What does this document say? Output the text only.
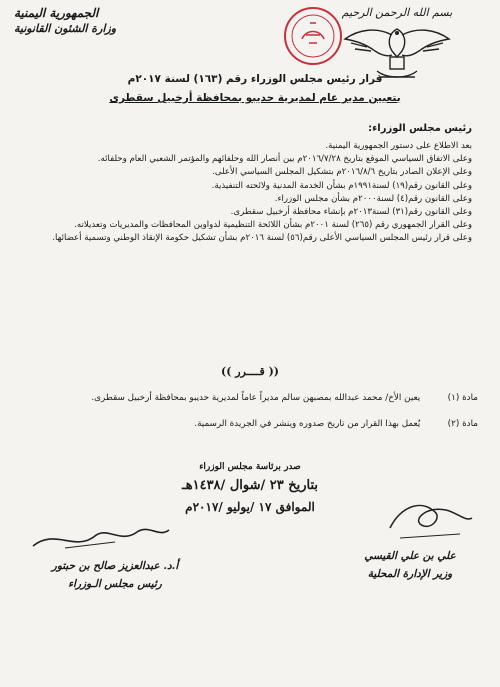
بسم الله الرحمن الرحيم
الجمهورية اليمنية
وزارة الشئون القانونية
قرار رئيس مجلس الوزراء رقم (١٦٣) لسنة ٢٠١٧م
بتعيين مدير عام لمديرية حديبو بمحافظة أرخبيل سقطرى
رئيس مجلس الوزراء:

بعد الاطلاع على دستور الجمهورية اليمنية.

وعلى الاتفاق السياسي الموقع بتاريخ ٢٠١٦/٧/٢٨م بين أنصار الله وحلفائهم والمؤتمر الشعبي العام وحلفائه.

وعلى الإعلان الصادر بتاريخ ٢٠١٦/٨/٦م بتشكيل المجلس السياسي الأعلى.

وعلى القانون رقم(١٩) لسنة١٩٩١م بشأن الخدمة المدنية ولائحته التنفيذية.

وعلى القانون رقم(٤) لسنة٢٠٠٠م بشأن مجلس الوزراء.

وعلى القانون رقم(٣١) لسنة٢٠١٣م بإنشاء محافظة أرخبيل سقطرى.

وعلى القرار الجمهوري رقم (٢٦٥) لسنة ٢٠٠١م بشأن اللائحة التنظيمية لدواوين المحافظات والمديريات وتعديلاته.

وعلى قرار رئيس المجلس السياسي الأعلى رقم(٥٦) لسنة ٢٠١٦م بشأن تشكيل حكومة الإنقاذ الوطني وتسمية أعضائها.

(( قــــرر ))
مادة (١) يعين الأخ/ محمد عبدالله بمصبهن سالم مديراً عاماً لمديرية حديبو بمحافظة أرخبيل سقطرى.
مادة (٢) يُعمل بهذا القرار من تاريخ صدوره وينشر في الجريدة الرسمية.
صدر برئاسة مجلس الوزراء
بتاريخ ٢٣ /شوال /١٤٣٨هـ
الموافق ١٧ /يوليو /٢٠١٧م
أ.د. عبدالعزيز صالح بن حبتور
رئيس مجلس الـوزراء
علي بن علي القيسي
وزير الإدارة المحلية
